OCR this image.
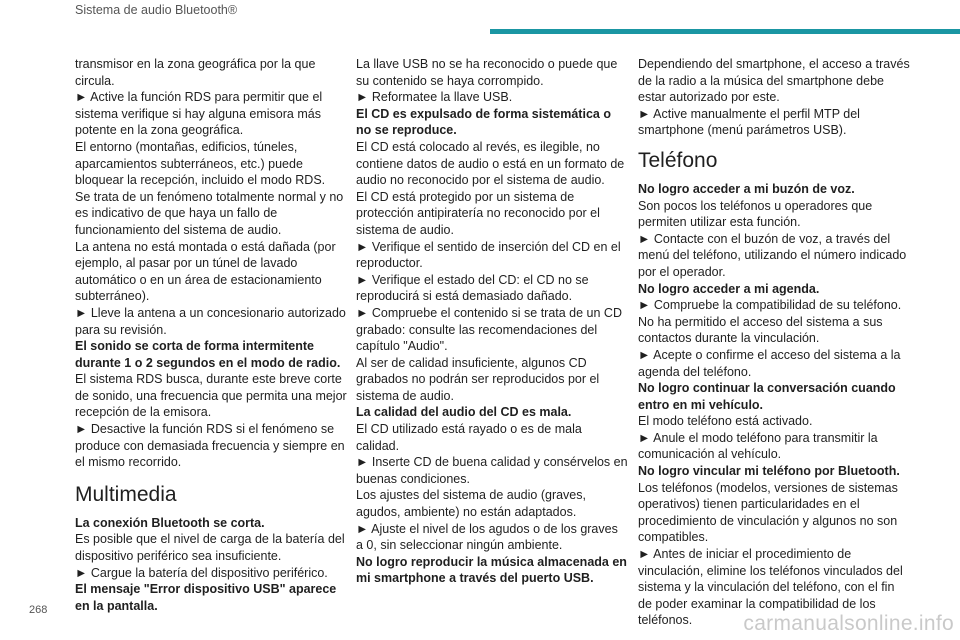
Sistema de audio Bluetooth®

transmisor en la zona geográfica por la que circula.

► Active la función RDS para permitir que el sistema verifique si hay alguna emisora más potente en la zona geográfica.

El entorno (montañas, edificios, túneles, aparcamientos subterráneos, etc.) puede bloquear la recepción, incluido el modo RDS.

Se trata de un fenómeno totalmente normal y no es indicativo de que haya un fallo de funcionamiento del sistema de audio.

La antena no está montada o está dañada (por ejemplo, al pasar por un túnel de lavado automático o en un área de estacionamiento subterráneo).

► Lleve la antena a un concesionario autorizado para su revisión.

El sonido se corta de forma intermitente durante 1 o 2 segundos en el modo de radio.

El sistema RDS busca, durante este breve corte de sonido, una frecuencia que permita una mejor recepción de la emisora.

► Desactive la función RDS si el fenómeno se produce con demasiada frecuencia y siempre en el mismo recorrido.

Multimedia

La conexión Bluetooth se corta.

Es posible que el nivel de carga de la batería del dispositivo periférico sea insuficiente.

► Cargue la batería del dispositivo periférico.

El mensaje "Error dispositivo USB" aparece en la pantalla.

La llave USB no se ha reconocido o puede que su contenido se haya corrompido.

► Reformatee la llave USB.

El CD es expulsado de forma sistemática o no se reproduce.

El CD está colocado al revés, es ilegible, no contiene datos de audio o está en un formato de audio no reconocido por el sistema de audio.

El CD está protegido por un sistema de protección antipiratería no reconocido por el sistema de audio.

► Verifique el sentido de inserción del CD en el reproductor.

► Verifique el estado del CD: el CD no se reproducirá si está demasiado dañado.

► Compruebe el contenido si se trata de un CD grabado: consulte las recomendaciones del capítulo "Audio".

Al ser de calidad insuficiente, algunos CD grabados no podrán ser reproducidos por el sistema de audio.

La calidad del audio del CD es mala.

El CD utilizado está rayado o es de mala calidad.

► Inserte CD de buena calidad y consérvelos en buenas condiciones.

Los ajustes del sistema de audio (graves, agudos, ambiente) no están adaptados.

► Ajuste el nivel de los agudos o de los graves a 0, sin seleccionar ningún ambiente.

No logro reproducir la música almacenada en mi smartphone a través del puerto USB.

Dependiendo del smartphone, el acceso a través de la radio a la música del smartphone debe estar autorizado por este.

► Active manualmente el perfil MTP del smartphone (menú parámetros USB).

Teléfono

No logro acceder a mi buzón de voz.

Son pocos los teléfonos u operadores que permiten utilizar esta función.

► Contacte con el buzón de voz, a través del menú del teléfono, utilizando el número indicado por el operador.

No logro acceder a mi agenda.

► Compruebe la compatibilidad de su teléfono.

No ha permitido el acceso del sistema a sus contactos durante la vinculación.

► Acepte o confirme el acceso del sistema a la agenda del teléfono.

No logro continuar la conversación cuando entro en mi vehículo.

El modo teléfono está activado.

► Anule el modo teléfono para transmitir la comunicación al vehículo.

No logro vincular mi teléfono por Bluetooth.

Los teléfonos (modelos, versiones de sistemas operativos) tienen particularidades en el procedimiento de vinculación y algunos no son compatibles.

► Antes de iniciar el procedimiento de vinculación, elimine los teléfonos vinculados del sistema y la vinculación del teléfono, con el fin de poder examinar la compatibilidad de los teléfonos.

268
carmanualsonline.info
